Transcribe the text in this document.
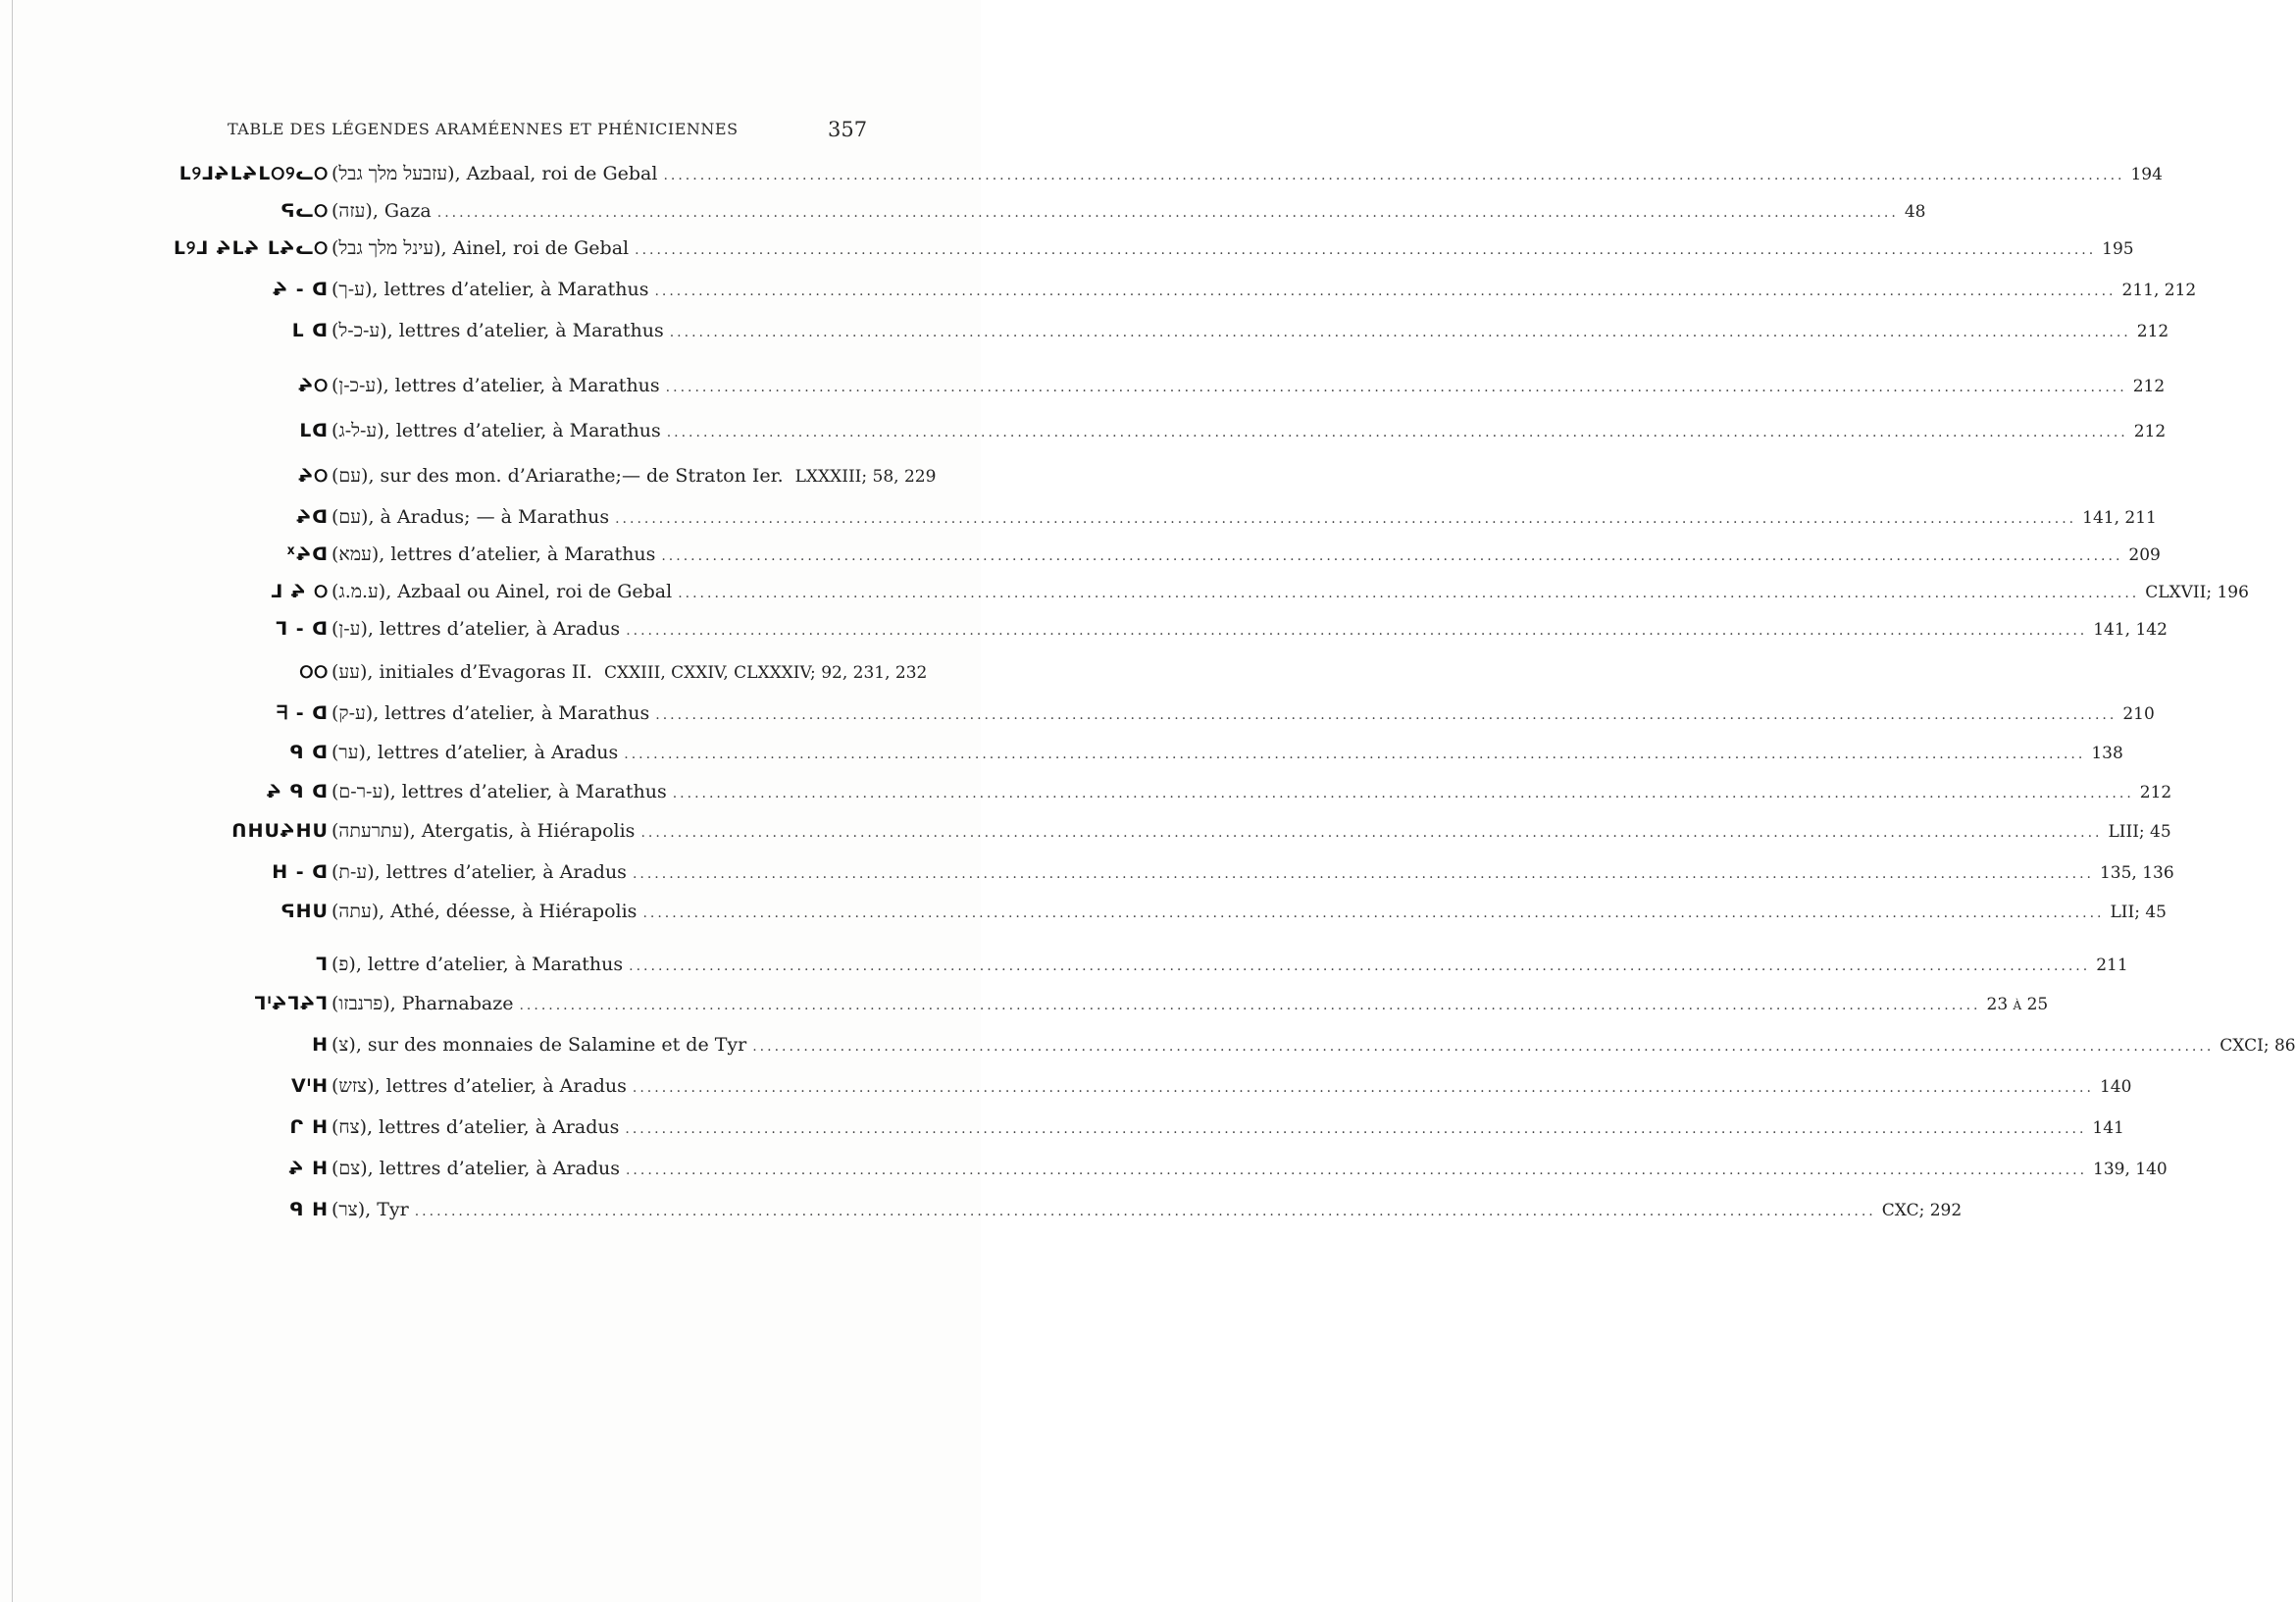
TABLE DES LÉGENDES ARAMÉENNES ET PHÉNICIENNES	357
ᒪ୨ᒧᖨᒪᖨᒪ୦୨ᓚ୦ (עזבעל מלך גבל) , Azbaal, roi de Gebal ........................................................................................................................................................................................................ 194
ᕋᓚ୦ (עזה) , Gaza ........................................................................................................................................................................................................ 48
ᒪ୨ᒧ ᖨᒪᖨ ᒪᖨᓚ୦ (עינל מלך גבל) , Ainel, roi de Gebal ........................................................................................................................................................................................................ 195
ᖨ - ᗡ (ע-ך) , lettres d’atelier, à Marathus ........................................................................................................................................................................................................ 211, 212
ᒪ ᗡ (ע-כ-ל) , lettres d’atelier, à Marathus ........................................................................................................................................................................................................ 212
ᖨ୦ (ע-כ-ן) , lettres d’atelier, à Marathus ........................................................................................................................................................................................................ 212
ᒪᗡ (ע-ל-ג) , lettres d’atelier, à Marathus ........................................................................................................................................................................................................ 212
ᖨ୦ (עם) , sur des mon. d’Ariarathe;— de Straton Ier. LXXXIII; 58, 229
ᖨᗡ (עם) , à Aradus; — à Marathus ........................................................................................................................................................................................................ 141, 211
ᕁᖨᗡ (עמא) , lettres d’atelier, à Marathus ........................................................................................................................................................................................................ 209
ᒧ ᖨ ୦ (ע.מ.ג) , Azbaal ou Ainel, roi de Gebal ........................................................................................................................................................................................................ CLXVII; 196
ᒣ - ᗡ (ע-ן) , lettres d’atelier, à Aradus ........................................................................................................................................................................................................ 141, 142
୦୦ (עע) , initiales d’Evagoras II. CXXIII, CXXIV, CLXXXIV; 92, 231, 232
ᖷ - ᗡ (ע-ק) , lettres d’atelier, à Marathus ........................................................................................................................................................................................................ 210
ᑫ ᗡ (ער) , lettres d’atelier, à Aradus ........................................................................................................................................................................................................ 138
ᖨ ᑫ ᗡ (ע-ר-ם) , lettres d’atelier, à Marathus ........................................................................................................................................................................................................ 212
ᑎᕼᑌᖨᕼᑌ (עתרעתה) , Atergatis, à Hiérapolis ........................................................................................................................................................................................................ LIII; 45
ᕼ - ᗡ (ע-ת) , lettres d’atelier, à Aradus ........................................................................................................................................................................................................ 135, 136
ᕋᕼᑌ (עתה) , Athé, déesse, à Hiérapolis ........................................................................................................................................................................................................ LII; 45
ᒣ (פ) , lettre d’atelier, à Marathus ........................................................................................................................................................................................................ 211
ᒣᑊᖨᒣᖨᒣ (פרנבזו) , Pharnabaze ........................................................................................................................................................................................................ 23 à 25
ᕼ (צ) , sur des monnaies de Salamine et de Tyr ........................................................................................................................................................................................................ CXCI; 86
ᐯᑊᕼ (צזש) , lettres d’atelier, à Aradus ........................................................................................................................................................................................................ 140
ᒋ ᕼ (צח) , lettres d’atelier, à Aradus ........................................................................................................................................................................................................ 141
ᖨ ᕼ (צם) , lettres d’atelier, à Aradus ........................................................................................................................................................................................................ 139, 140
ᑫ ᕼ (צר) , Tyr ........................................................................................................................................................................................................ CXC; 292
